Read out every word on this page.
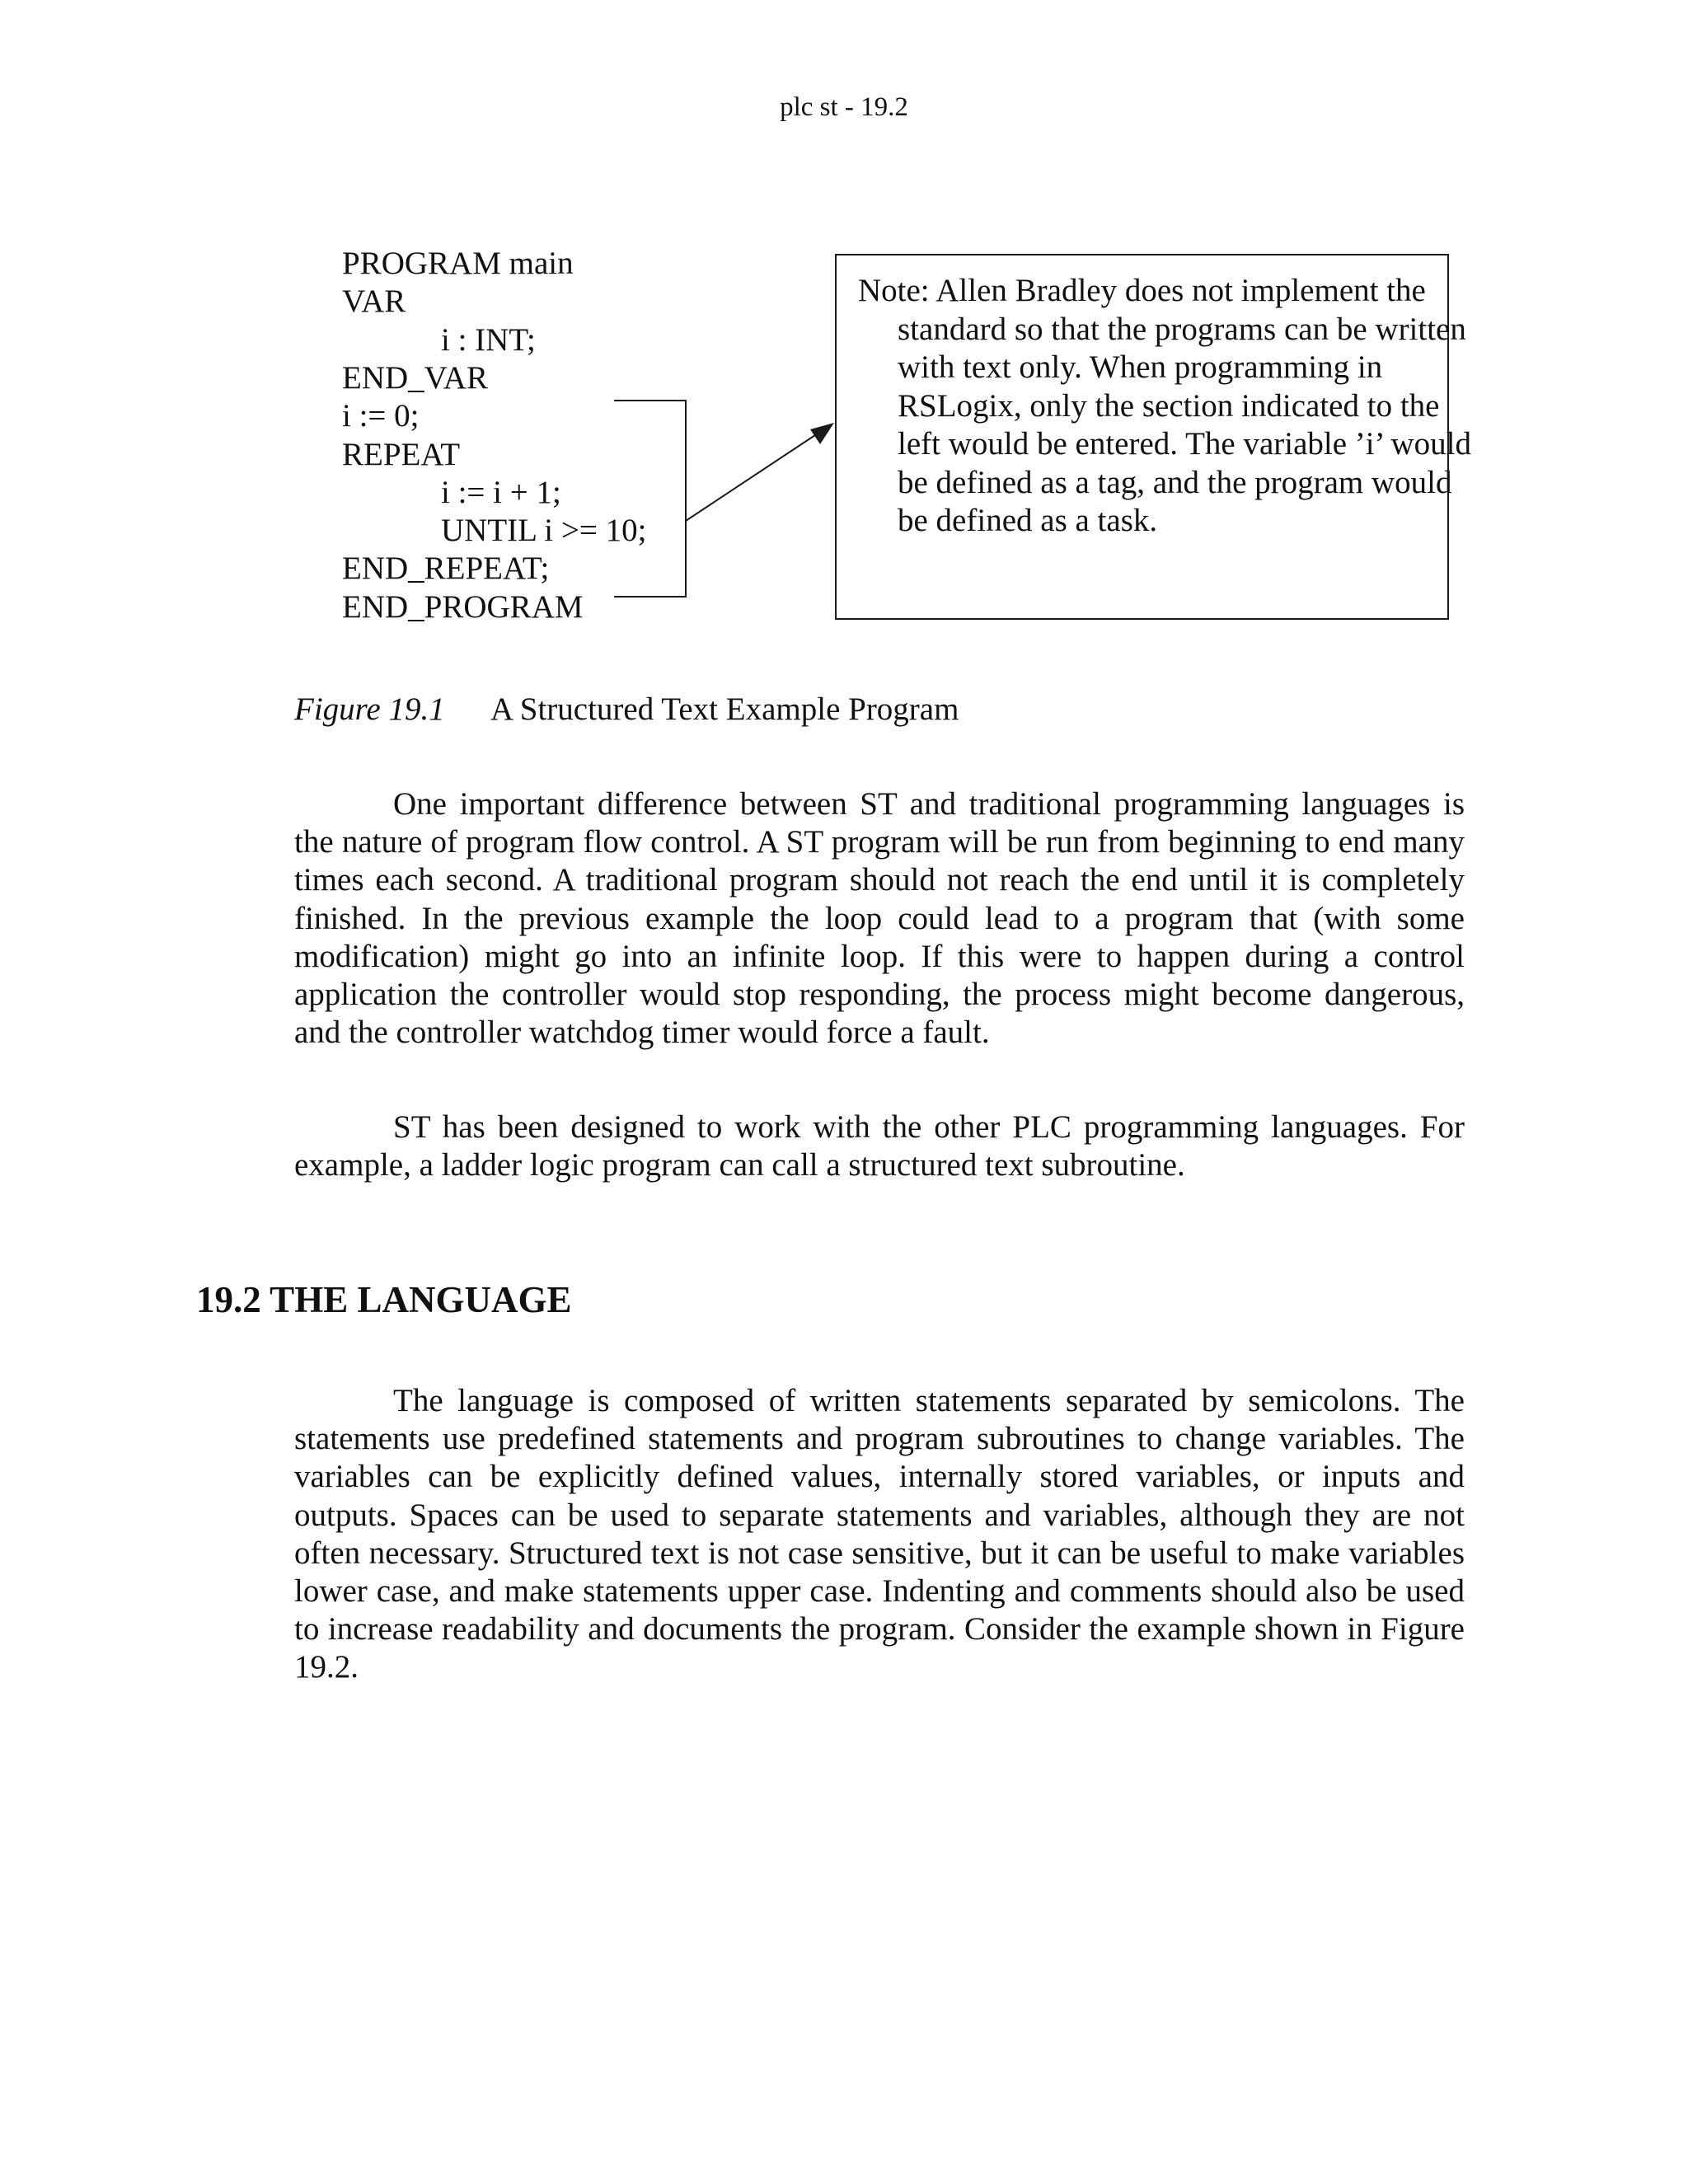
plc st - 19.2
PROGRAM main
VAR
i : INT;
END_VAR
i := 0;
REPEAT
i := i + 1;
UNTIL i >= 10;
END_REPEAT;
END_PROGRAM

Note: Allen Bradley does not implement the standard so that the programs can be written with text only. When programming in RSLogix, only the section indicated to the left would be entered. The variable ’i’ would be defined as a tag, and the program would be defined as a task.

Figure 19.1 A Structured Text Example Program

One important difference between ST and traditional programming languages is the nature of program flow control. A ST program will be run from beginning to end many times each second. A traditional program should not reach the end until it is completely finished. In the previous example the loop could lead to a program that (with some modification) might go into an infinite loop. If this were to happen during a control application the controller would stop responding, the process might become dangerous, and the controller watchdog timer would force a fault.

ST has been designed to work with the other PLC programming languages. For example, a ladder logic program can call a structured text subroutine.

19.2 THE LANGUAGE

The language is composed of written statements separated by semicolons. The statements use predefined statements and program subroutines to change variables. The variables can be explicitly defined values, internally stored variables, or inputs and outputs. Spaces can be used to separate statements and variables, although they are not often necessary. Structured text is not case sensitive, but it can be useful to make variables lower case, and make statements upper case. Indenting and comments should also be used to increase readability and documents the program. Consider the example shown in Figure 19.2.
